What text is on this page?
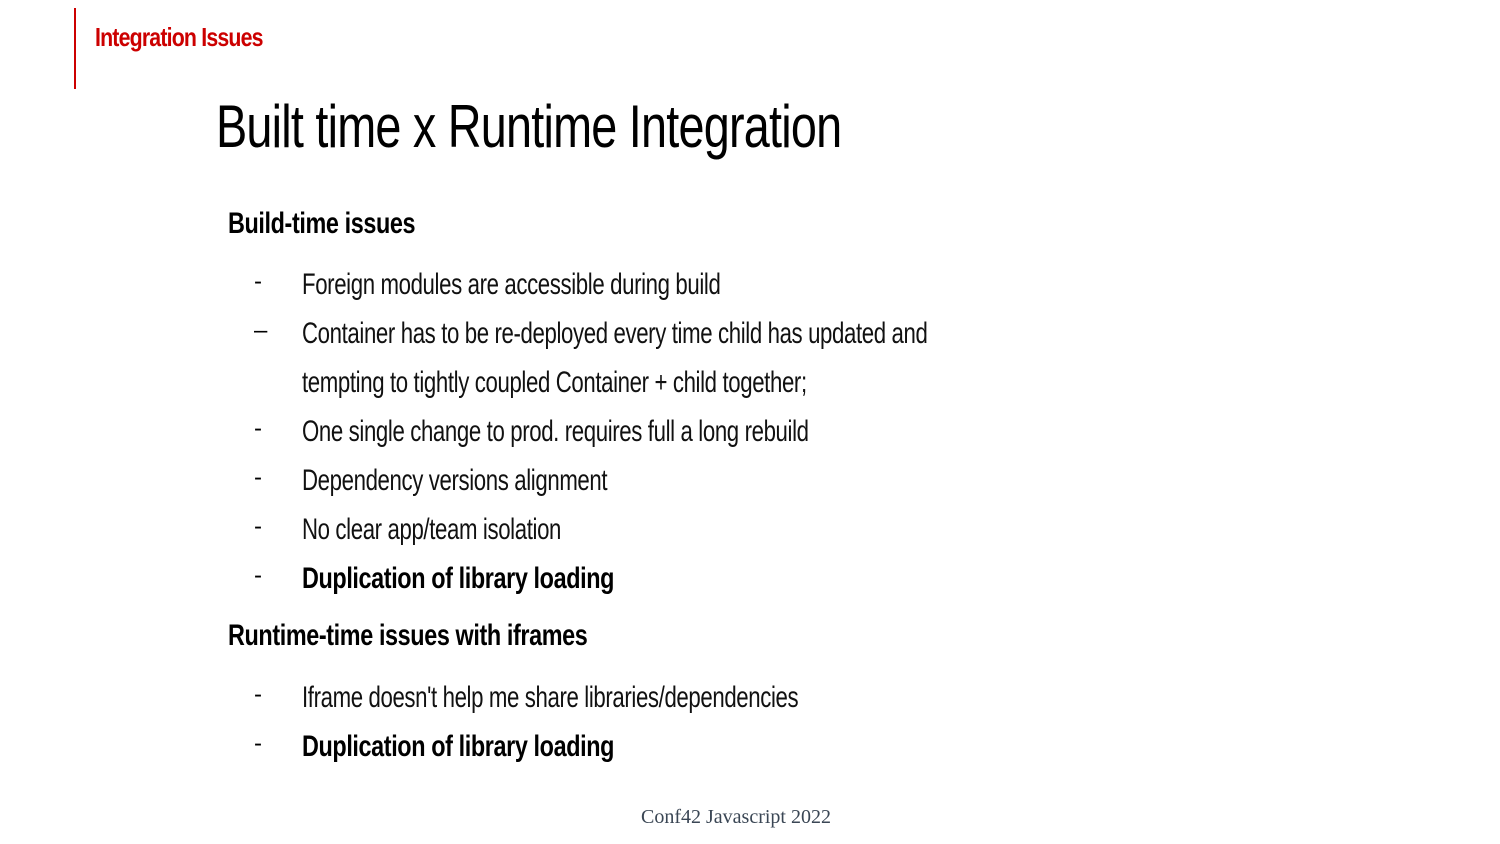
Integration Issues
Built time x Runtime Integration
Build-time issues
- Foreign modules are accessible during build
– Container has to be re-deployed every time child has updated and
tempting to tightly coupled Container + child together;
- One single change to prod. requires full a long rebuild
- Dependency versions alignment
- No clear app/team isolation
- Duplication of library loading
Runtime-time issues with iframes
- Iframe doesn't help me share libraries/dependencies
- Duplication of library loading
Conf42 Javascript 2022
